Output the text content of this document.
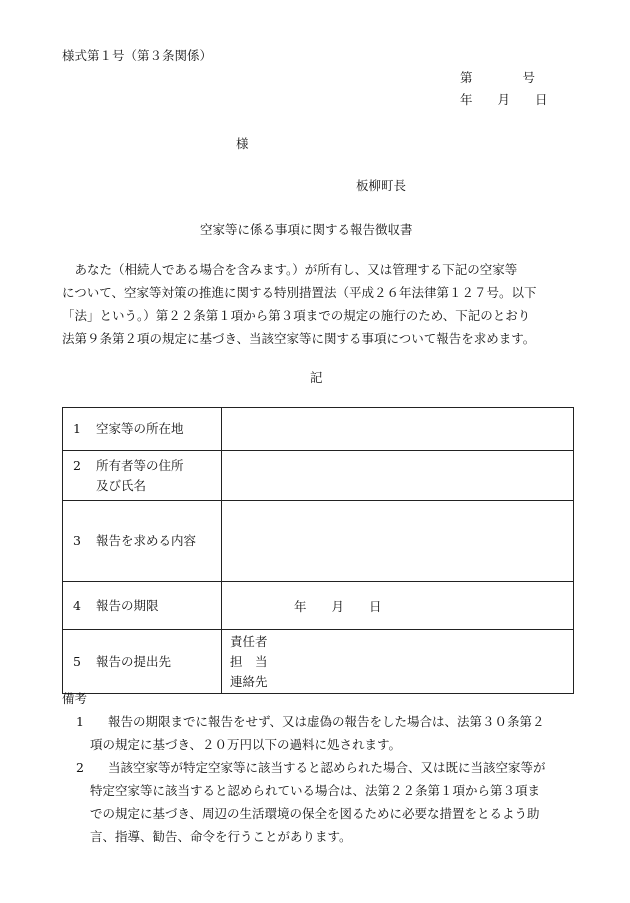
様式第１号（第３条関係）
第　　　　号
年　　月　　日
様
板柳町長
空家等に係る事項に関する報告徴収書
　あなた（相続人である場合を含みます。）が所有し、又は管理する下記の空家等
について、空家等対策の推進に関する特別措置法（平成２６年法律第１２７号。以下
「法」という。）第２２条第１項から第３項までの規定の施行のため、下記のとおり
法第９条第２項の規定に基づき、当該空家等に関する事項について報告を求めます。
記
1 空家等の所在地	

2 所有者等の住所
及び氏名	

3 報告を求める内容	

4 報告の期限	年　　月　　日

5 報告の提出先	責任者
担　当
連絡先
備考
1	報告の期限までに報告をせず、又は虚偽の報告をした場合は、法第３０条第２
項の規定に基づき、２０万円以下の過料に処されます。
2	当該空家等が特定空家等に該当すると認められた場合、又は既に当該空家等が
特定空家等に該当すると認められている場合は、法第２２条第１項から第３項ま
での規定に基づき、周辺の生活環境の保全を図るために必要な措置をとるよう助
言、指導、勧告、命令を行うことがあります。
